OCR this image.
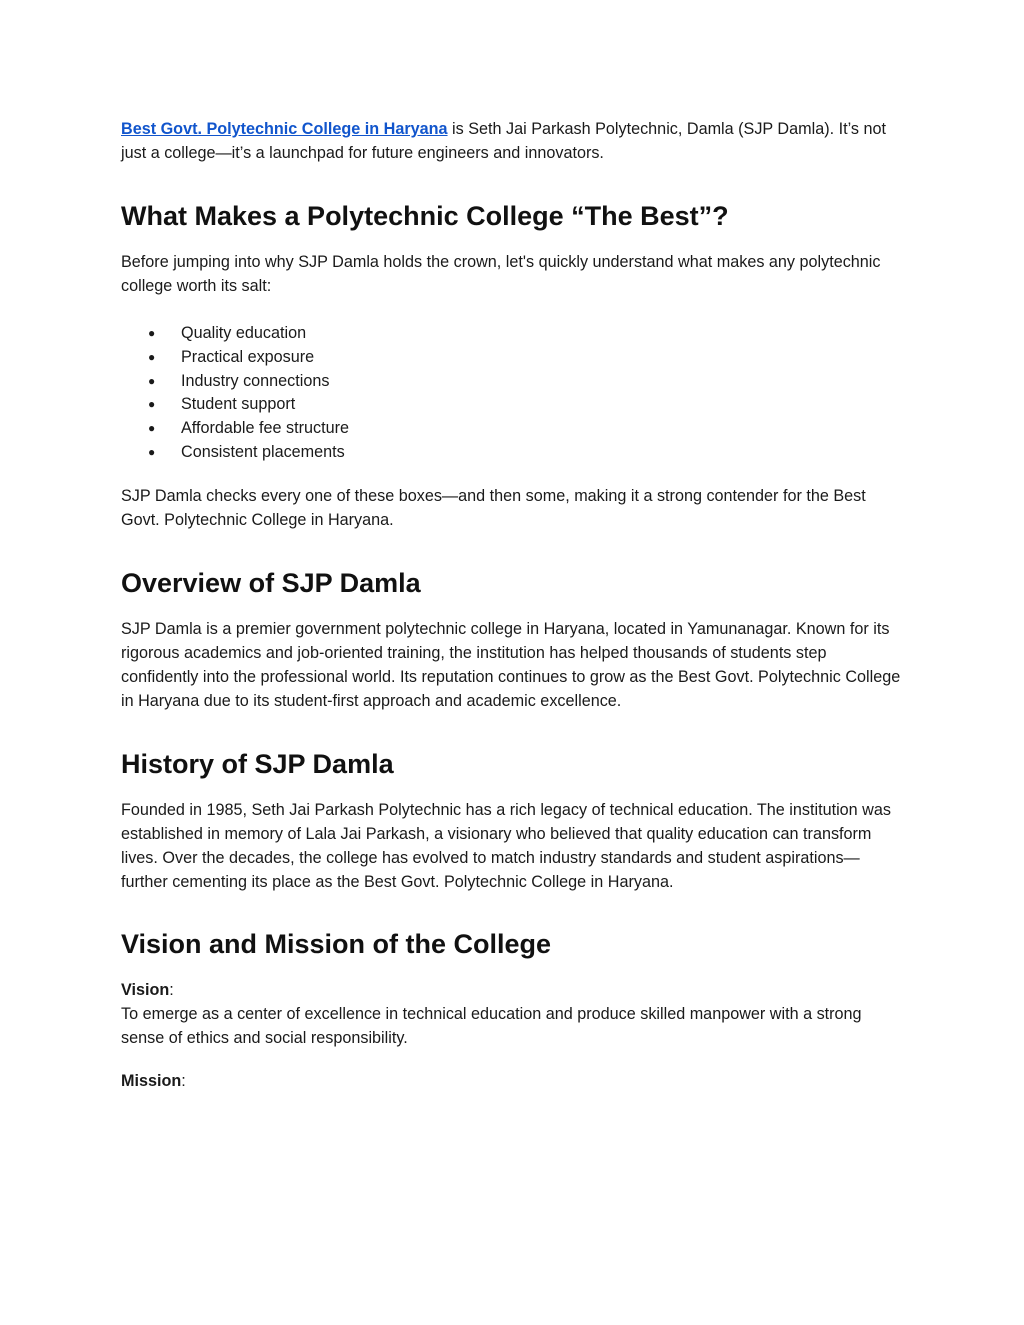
Best Govt. Polytechnic College in Haryana is Seth Jai Parkash Polytechnic, Damla (SJP Damla). It’s not just a college—it’s a launchpad for future engineers and innovators.

What Makes a Polytechnic College “The Best”?

Before jumping into why SJP Damla holds the crown, let's quickly understand what makes any polytechnic college worth its salt:

● Quality education
● Practical exposure
● Industry connections
● Student support
● Affordable fee structure
● Consistent placements

SJP Damla checks every one of these boxes—and then some, making it a strong contender for the Best Govt. Polytechnic College in Haryana.

Overview of SJP Damla

SJP Damla is a premier government polytechnic college in Haryana, located in Yamunanagar. Known for its rigorous academics and job-oriented training, the institution has helped thousands of students step confidently into the professional world. Its reputation continues to grow as the Best Govt. Polytechnic College in Haryana due to its student-first approach and academic excellence.

History of SJP Damla

Founded in 1985, Seth Jai Parkash Polytechnic has a rich legacy of technical education. The institution was established in memory of Lala Jai Parkash, a visionary who believed that quality education can transform lives. Over the decades, the college has evolved to match industry standards and student aspirations—further cementing its place as the Best Govt. Polytechnic College in Haryana.

Vision and Mission of the College

Vision:

To emerge as a center of excellence in technical education and produce skilled manpower with a strong sense of ethics and social responsibility.

Mission:
